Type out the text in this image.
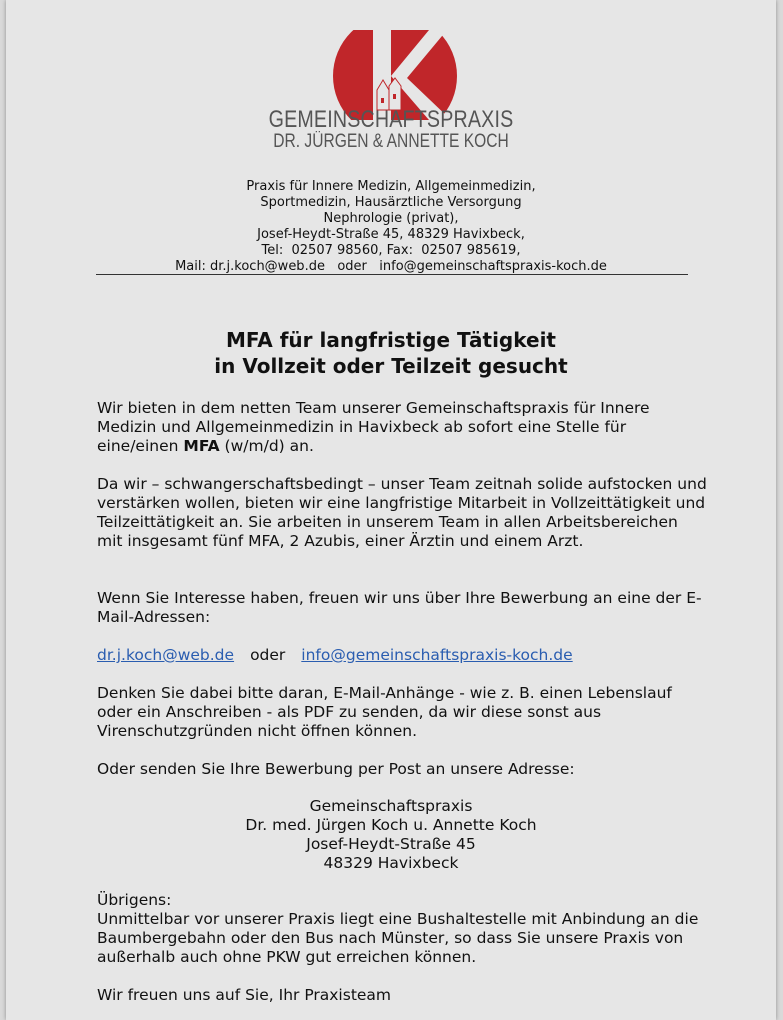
GEMEINSCHAFTSPRAXIS
DR. JÜRGEN & ANNETTE KOCH
Praxis für Innere Medizin, Allgemeinmedizin,
Sportmedizin, Hausärztliche Versorgung
Nephrologie (privat),
Josef-Heydt-Straße 45, 48329 Havixbeck,
Tel:  02507 98560, Fax:  02507 985619,
Mail: dr.j.koch@web.de   oder   info@gemeinschaftspraxis-koch.de
MFA für langfristige Tätigkeit
in Vollzeit oder Teilzeit gesucht
Wir bieten in dem netten Team unserer Gemeinschaftspraxis für Innere Medizin und Allgemeinmedizin in Havixbeck ab sofort eine Stelle für eine/einen MFA (w/m/d) an.
Da wir – schwangerschaftsbedingt – unser Team zeitnah solide aufstocken und verstärken wollen, bieten wir eine langfristige Mitarbeit in Vollzeittätigkeit und Teilzeittätigkeit an. Sie arbeiten in unserem Team in allen Arbeitsbereichen mit insgesamt fünf MFA, 2 Azubis, einer Ärztin und einem Arzt.
Wenn Sie Interesse haben, freuen wir uns über Ihre Bewerbung an eine der E-Mail-Adressen:
dr.j.koch@web.de oder info@gemeinschaftspraxis-koch.de
Denken Sie dabei bitte daran, E-Mail-Anhänge - wie z. B. einen Lebenslauf oder ein Anschreiben - als PDF zu senden, da wir diese sonst aus Virenschutzgründen nicht öffnen können.
Oder senden Sie Ihre Bewerbung per Post an unsere Adresse:
Gemeinschaftspraxis
Dr. med. Jürgen Koch u. Annette Koch
Josef-Heydt-Straße 45
48329 Havixbeck
Übrigens:
Unmittelbar vor unserer Praxis liegt eine Bushaltestelle mit Anbindung an die Baumbergebahn oder den Bus nach Münster, so dass Sie unsere Praxis von außerhalb auch ohne PKW gut erreichen können.
Wir freuen uns auf Sie, Ihr Praxisteam
